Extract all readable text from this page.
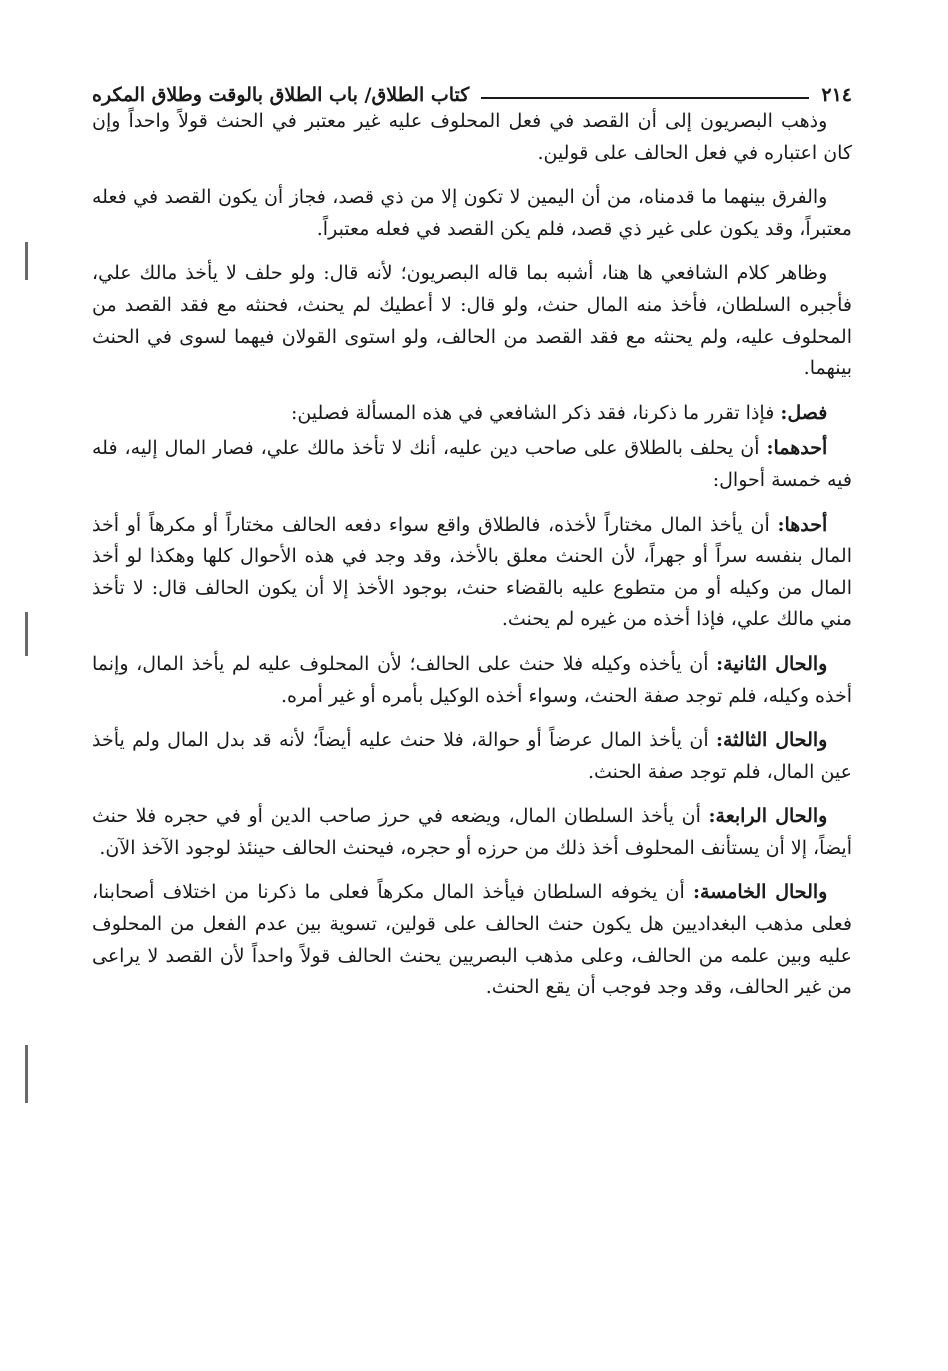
٢١٤
كتاب الطلاق/ باب الطلاق بالوقت وطلاق المكره

وذهب البصريون إلى أن القصد في فعل المحلوف عليه غير معتبر في الحنث قولاً واحداً وإن كان اعتباره في فعل الحالف على قولين.

والفرق بينهما ما قدمناه، من أن اليمين لا تكون إلا من ذي قصد، فجاز أن يكون القصد في فعله معتبراً، وقد يكون على غير ذي قصد، فلم يكن القصد في فعله معتبراً.

وظاهر كلام الشافعي ها هنا، أشبه بما قاله البصريون؛ لأنه قال: ولو حلف لا يأخذ مالك علي، فأجبره السلطان، فأخذ منه المال حنث، ولو قال: لا أعطيك لم يحنث، فحنثه مع فقد القصد من المحلوف عليه، ولم يحنثه مع فقد القصد من الحالف، ولو استوى القولان فيهما لسوى في الحنث بينهما.

فصل: فإذا تقرر ما ذكرنا، فقد ذكر الشافعي في هذه المسألة فصلين:

أحدهما: أن يحلف بالطلاق على صاحب دين عليه، أنك لا تأخذ مالك علي، فصار المال إليه، فله فيه خمسة أحوال:

أحدها: أن يأخذ المال مختاراً لأخذه، فالطلاق واقع سواء دفعه الحالف مختاراً أو مكرهاً أو أخذ المال بنفسه سراً أو جهراً، لأن الحنث معلق بالأخذ، وقد وجد في هذه الأحوال كلها وهكذا لو أخذ المال من وكيله أو من متطوع عليه بالقضاء حنث، بوجود الأخذ إلا أن يكون الحالف قال: لا تأخذ مني مالك علي، فإذا أخذه من غيره لم يحنث.

والحال الثانية: أن يأخذه وكيله فلا حنث على الحالف؛ لأن المحلوف عليه لم يأخذ المال، وإنما أخذه وكيله، فلم توجد صفة الحنث، وسواء أخذه الوكيل بأمره أو غير أمره.

والحال الثالثة: أن يأخذ المال عرضاً أو حوالة، فلا حنث عليه أيضاً؛ لأنه قد بدل المال ولم يأخذ عين المال، فلم توجد صفة الحنث.

والحال الرابعة: أن يأخذ السلطان المال، ويضعه في حرز صاحب الدين أو في حجره فلا حنث أيضاً، إلا أن يستأنف المحلوف أخذ ذلك من حرزه أو حجره، فيحنث الحالف حينئذ لوجود الآخذ الآن.

والحال الخامسة: أن يخوفه السلطان فيأخذ المال مكرهاً فعلى ما ذكرنا من اختلاف أصحابنا، فعلى مذهب البغداديين هل يكون حنث الحالف على قولين، تسوية بين عدم الفعل من المحلوف عليه وبين علمه من الحالف، وعلى مذهب البصريين يحنث الحالف قولاً واحداً لأن القصد لا يراعى من غير الحالف، وقد وجد فوجب أن يقع الحنث.
